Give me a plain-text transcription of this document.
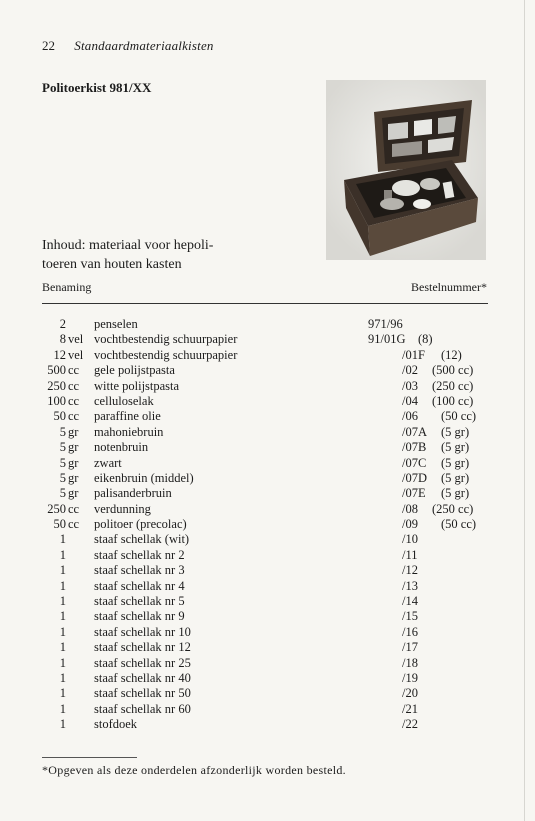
22 Standaardmateriaalkisten
Politoerkist 981/XX
Inhoud: materiaal voor hepoli-
toeren van houten kasten
Benaming	Bestelnummer*
2 penselen	971/96
8 vel vochtbestendig schuurpapier	91/01G (8)
12 vel vochtbestendig schuurpapier	/01F (12)
500 cc gele polijstpasta	/02 (500 cc)
250 cc witte polijstpasta	/03 (250 cc)
100 cc celluloselak	/04 (100 cc)
50 cc paraffine olie	/06 (50 cc)
5 gr mahoniebruin	/07A (5 gr)
5 gr notenbruin	/07B (5 gr)
5 gr zwart	/07C (5 gr)
5 gr eikenbruin (middel)	/07D (5 gr)
5 gr palisanderbruin	/07E (5 gr)
250 cc verdunning	/08 (250 cc)
50 cc politoer (precolac)	/09 (50 cc)
1 staaf schellak (wit)	/10
1 staaf schellak nr 2	/11
1 staaf schellak nr 3	/12
1 staaf schellak nr 4	/13
1 staaf schellak nr 5	/14
1 staaf schellak nr 9	/15
1 staaf schellak nr 10	/16
1 staaf schellak nr 12	/17
1 staaf schellak nr 25	/18
1 staaf schellak nr 40	/19
1 staaf schellak nr 50	/20
1 staaf schellak nr 60	/21
1 stofdoek	/22
*Opgeven als deze onderdelen afzonderlijk worden besteld.
